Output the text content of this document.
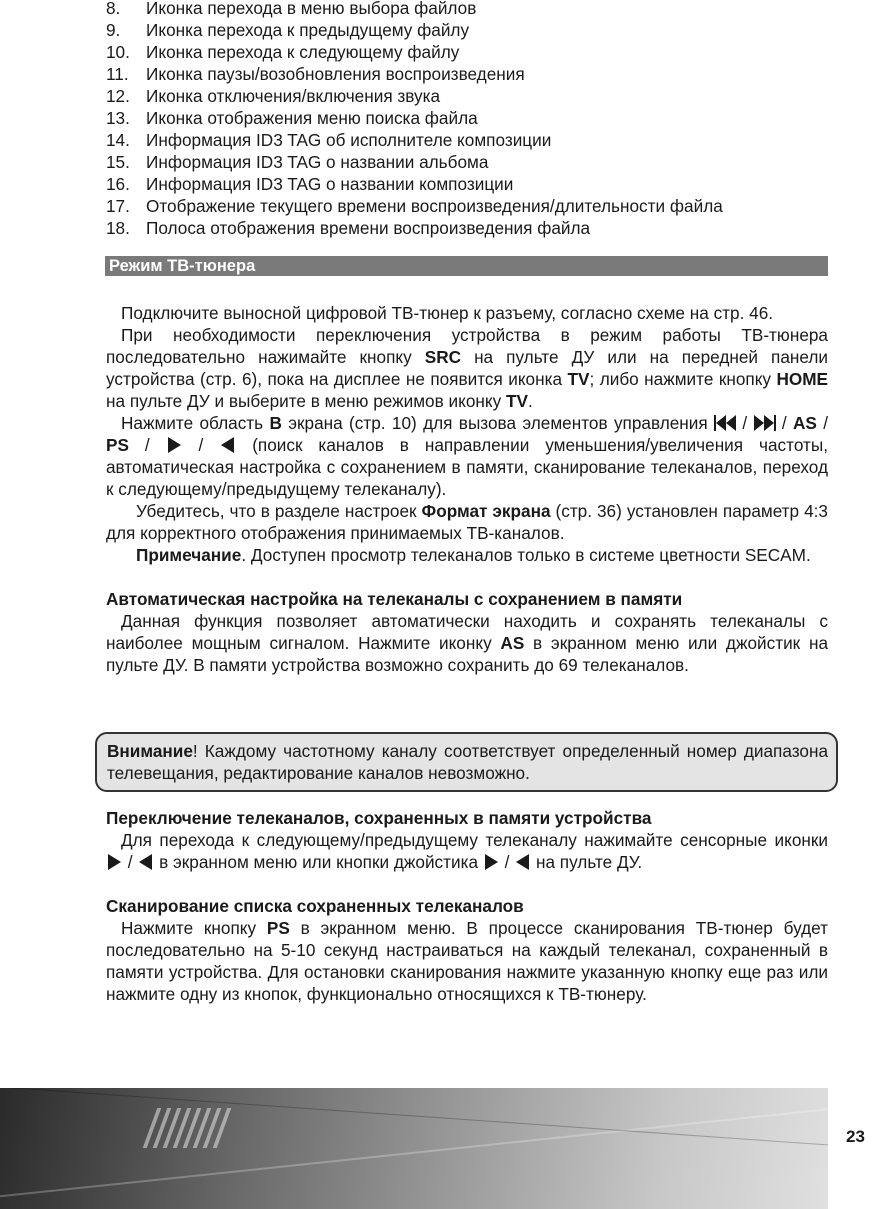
8.	Иконка перехода в меню выбора файлов
9.	Иконка перехода к предыдущему файлу
10. Иконка перехода к следующему файлу
11.	Иконка паузы/возобновления воспроизведения
12. Иконка отключения/включения звука
13. Иконка отображения меню поиска файла
14. Информация ID3 TAG об исполнителе композиции
15. Информация ID3 TAG о названии альбома
16. Информация ID3 TAG о названии композиции
17. Отображение текущего времени воспроизведения/длительности файла
18. Полоса отображения времени воспроизведения файла
Режим ТВ-тюнера

Подключите выносной цифровой ТВ-тюнер к разъему, согласно схеме на стр. 46.

При необходимости переключения устройства в режим работы ТВ-тюнера последовательно нажимайте кнопку SRC на пульте ДУ или на передней панели устройства (стр. 6), пока на дисплее не появится иконка TV; либо нажмите кнопку HOME на пульте ДУ и выберите в меню режимов иконку TV.

Нажмите область B экрана (стр. 10) для вызова элементов управления
/
/ AS / PS /  /  (поиск каналов в направлении уменьшения/увеличения частоты, автоматическая настройка с сохранением в памяти, сканирование телеканалов, переход к следующему/предыдущему телеканалу).

Убедитесь, что в разделе настроек Формат экрана (стр. 36) установлен параметр 4:3 для корректного отображения принимаемых ТВ-каналов.

Примечание. Доступен просмотр телеканалов только в системе цветности SECAM.

Автоматическая настройка на телеканалы с сохранением в памяти

Данная функция позволяет автоматически находить и сохранять телеканалы с наиболее мощным сигналом. Нажмите иконку AS в экранном меню или джойстик на пульте ДУ. В памяти устройства возможно сохранить до 69 телеканалов.

Внимание! Каждому частотному каналу соответствует определенный номер диапазона телевещания, редактирование каналов невозможно.

Переключение телеканалов, сохраненных в памяти устройства

Для перехода к следующему/предыдущему телеканалу нажимайте сенсорные иконки  /  в экранном меню или кнопки джойстика  /  на пульте ДУ.

Сканирование списка сохраненных телеканалов

Нажмите кнопку PS в экранном меню. В процессе сканирования ТВ-тюнер будет последовательно на 5-10 секунд настраиваться на каждый телеканал, сохраненный в памяти устройства. Для остановки сканирования нажмите указанную кнопку еще раз или нажмите одну из кнопок, функционально относящихся к ТВ-тюнеру.

23
